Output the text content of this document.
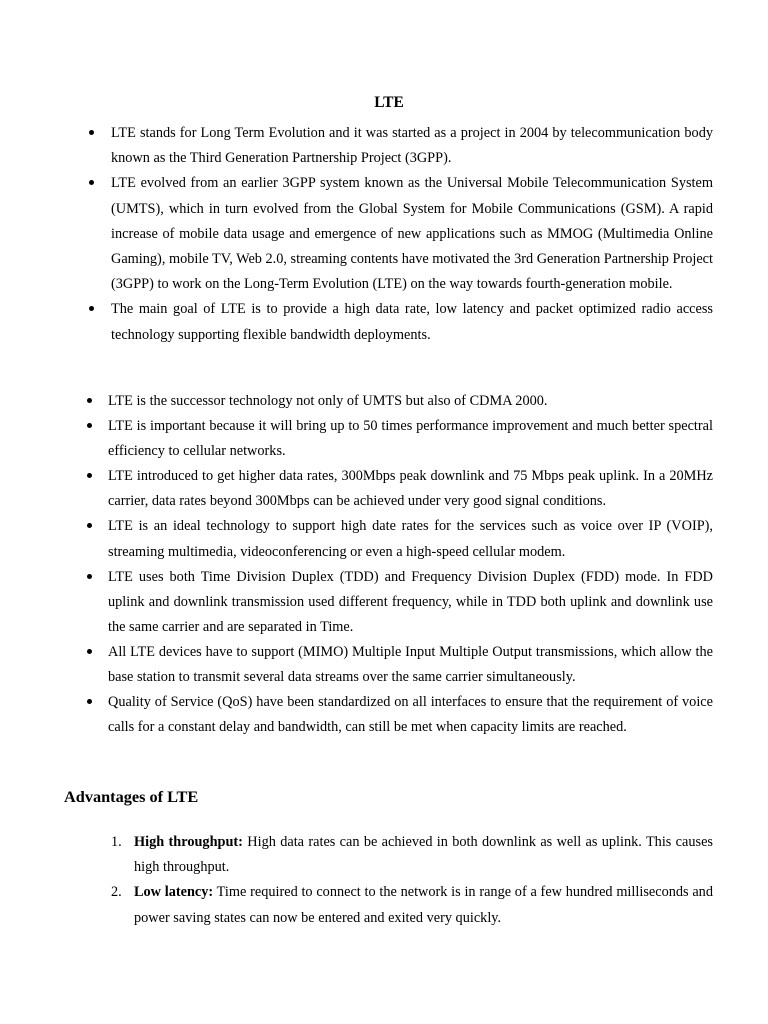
LTE
LTE stands for Long Term Evolution and it was started as a project in 2004 by telecommunication body known as the Third Generation Partnership Project (3GPP).
LTE evolved from an earlier 3GPP system known as the Universal Mobile Telecommunication System (UMTS), which in turn evolved from the Global System for Mobile Communications (GSM). A rapid increase of mobile data usage and emergence of new applications such as MMOG (Multimedia Online Gaming), mobile TV, Web 2.0, streaming contents have motivated the 3rd Generation Partnership Project (3GPP) to work on the Long-Term Evolution (LTE) on the way towards fourth-generation mobile.
The main goal of LTE is to provide a high data rate, low latency and packet optimized radio access technology supporting flexible bandwidth deployments.
LTE is the successor technology not only of UMTS but also of CDMA 2000.
LTE is important because it will bring up to 50 times performance improvement and much better spectral efficiency to cellular networks.
LTE introduced to get higher data rates, 300Mbps peak downlink and 75 Mbps peak uplink. In a 20MHz carrier, data rates beyond 300Mbps can be achieved under very good signal conditions.
LTE is an ideal technology to support high date rates for the services such as voice over IP (VOIP), streaming multimedia, videoconferencing or even a high-speed cellular modem.
LTE uses both Time Division Duplex (TDD) and Frequency Division Duplex (FDD) mode. In FDD uplink and downlink transmission used different frequency, while in TDD both uplink and downlink use the same carrier and are separated in Time.
All LTE devices have to support (MIMO) Multiple Input Multiple Output transmissions, which allow the base station to transmit several data streams over the same carrier simultaneously.
Quality of Service (QoS) have been standardized on all interfaces to ensure that the requirement of voice calls for a constant delay and bandwidth, can still be met when capacity limits are reached.
Advantages of LTE
1. High throughput: High data rates can be achieved in both downlink as well as uplink. This causes high throughput.
2. Low latency: Time required to connect to the network is in range of a few hundred milliseconds and power saving states can now be entered and exited very quickly.
